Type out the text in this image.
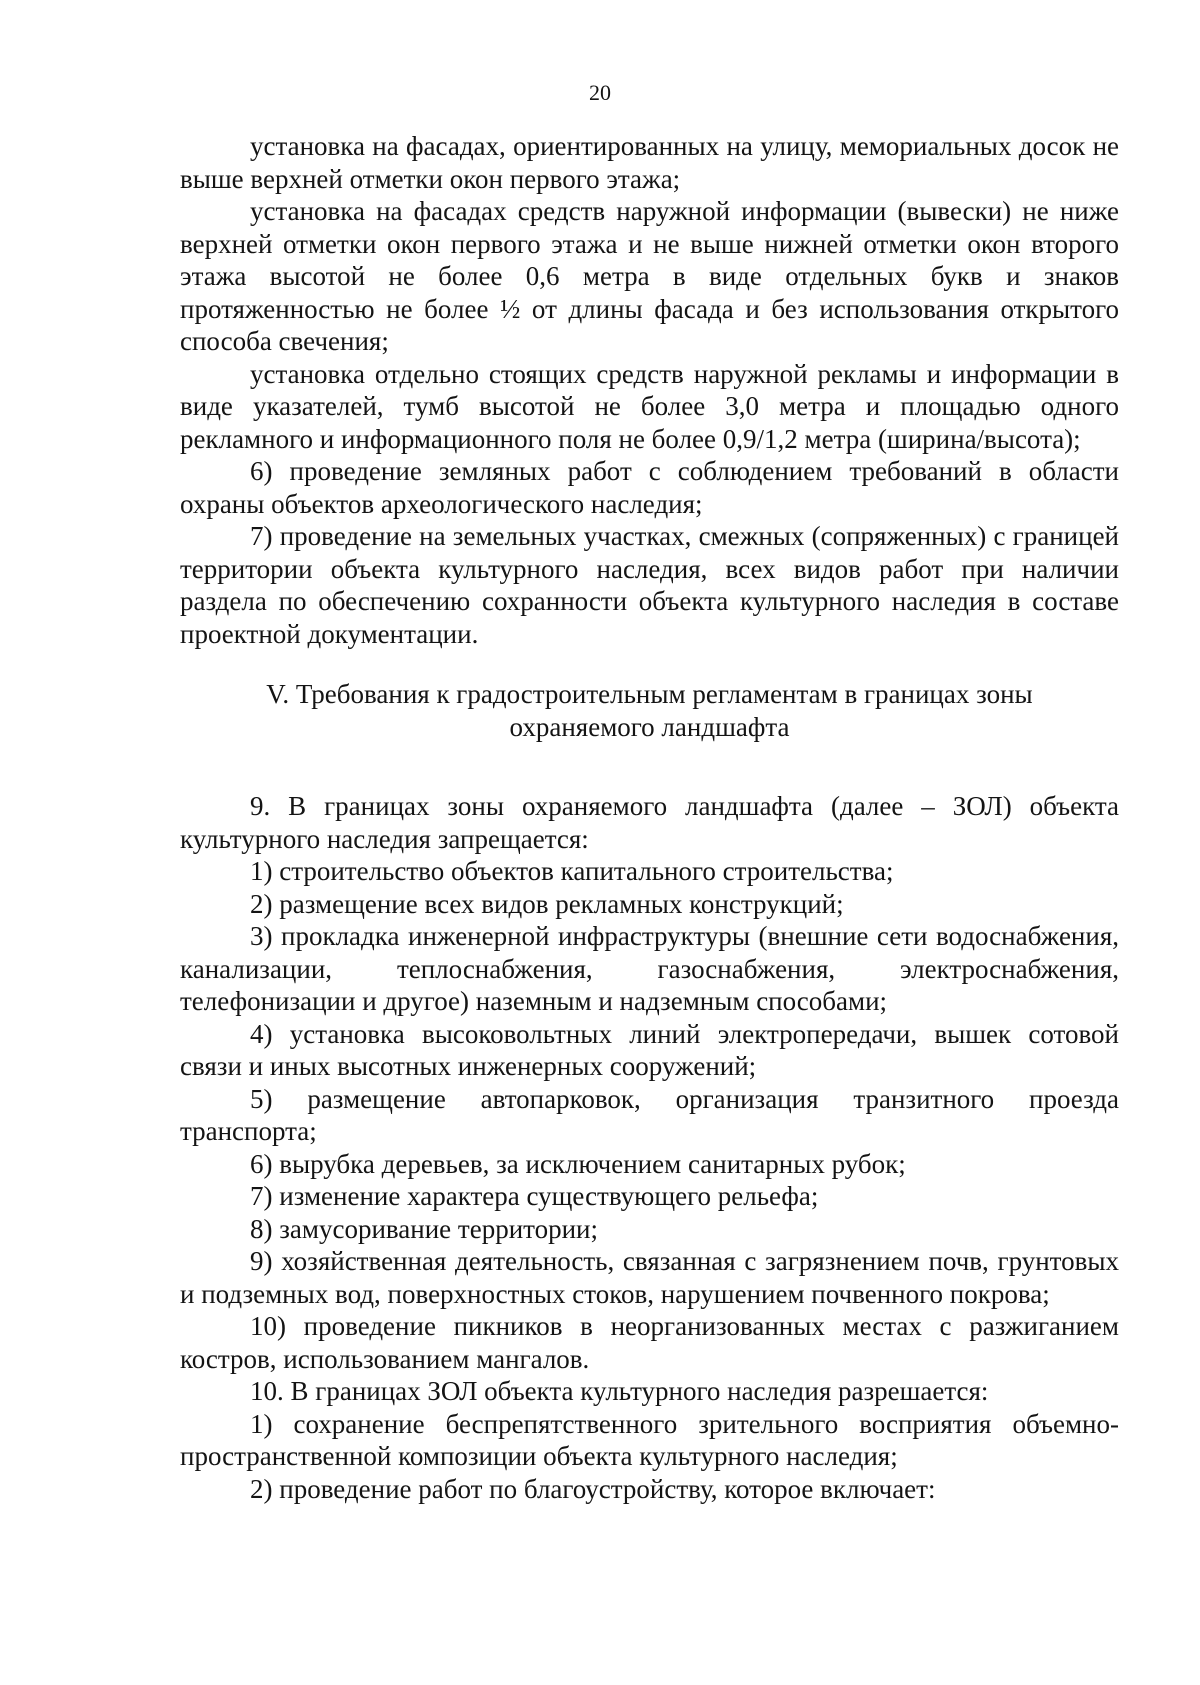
20

установка на фасадах, ориентированных на улицу, мемориальных досок не выше верхней отметки окон первого этажа;

установка на фасадах средств наружной информации (вывески) не ниже верхней отметки окон первого этажа и не выше нижней отметки окон второго этажа высотой не более 0,6 метра в виде отдельных букв и знаков протяженностью не более ½ от длины фасада и без использования открытого способа свечения;

установка отдельно стоящих средств наружной рекламы и информации в виде указателей, тумб высотой не более 3,0 метра и площадью одного рекламного и информационного поля не более 0,9/1,2 метра (ширина/высота);

6) проведение земляных работ с соблюдением требований в области охраны объектов археологического наследия;

7) проведение на земельных участках, смежных (сопряженных) с границей территории объекта культурного наследия, всех видов работ при наличии раздела по обеспечению сохранности объекта культурного наследия в составе проектной документации.

V. Требования к градостроительным регламентам в границах зоны

охраняемого ландшафта

9. В границах зоны охраняемого ландшафта (далее – ЗОЛ) объекта культурного наследия запрещается:

1) строительство объектов капитального строительства;

2) размещение всех видов рекламных конструкций;

3) прокладка инженерной инфраструктуры (внешние сети водоснабжения, канализации, теплоснабжения, газоснабжения, электроснабжения, телефонизации и другое) наземным и надземным способами;

4) установка высоковольтных линий электропередачи, вышек сотовой связи и иных высотных инженерных сооружений;

5) размещение автопарковок, организация транзитного проезда транспорта;

6) вырубка деревьев, за исключением санитарных рубок;

7) изменение характера существующего рельефа;

8) замусоривание территории;

9) хозяйственная деятельность, связанная с загрязнением почв, грунтовых и подземных вод, поверхностных стоков, нарушением почвенного покрова;

10) проведение пикников в неорганизованных местах с разжиганием костров, использованием мангалов.

10. В границах ЗОЛ объекта культурного наследия разрешается:

1) сохранение беспрепятственного зрительного восприятия объемно-пространственной композиции объекта культурного наследия;

2) проведение работ по благоустройству, которое включает:
